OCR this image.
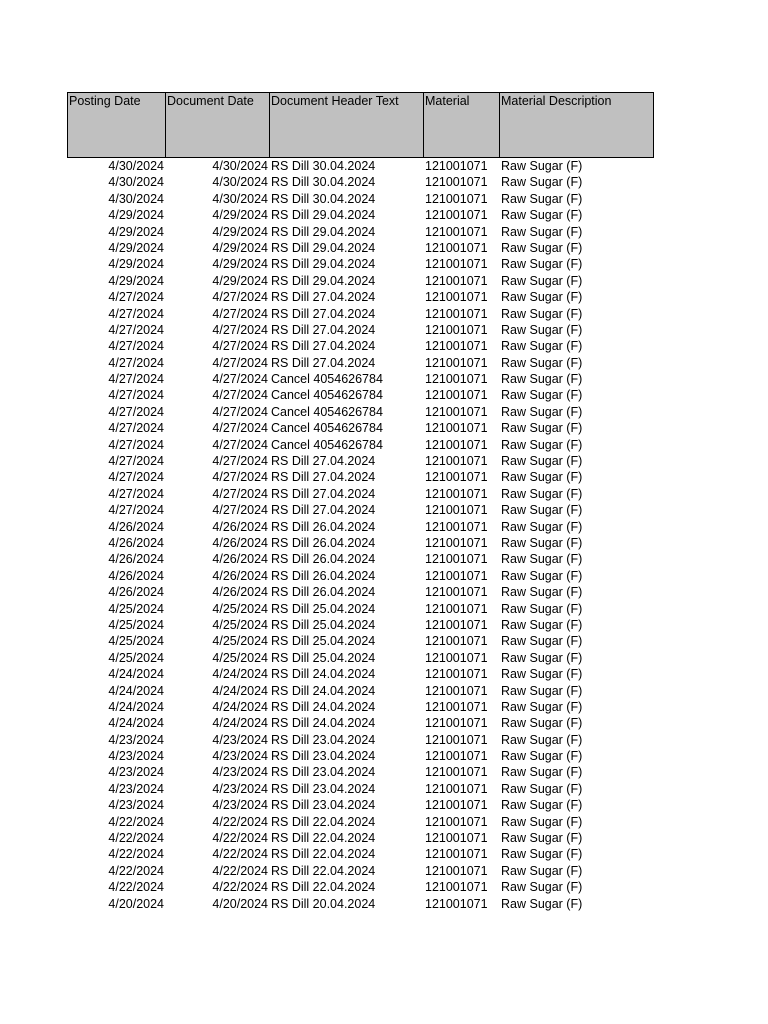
Posting Date	Document Date	Document Header Text	Material	Material Description
4/30/2024	4/30/2024 RS Dill 30.04.2024	121001071	Raw Sugar (F)
4/30/2024	4/30/2024 RS Dill 30.04.2024	121001071	Raw Sugar (F)
4/30/2024	4/30/2024 RS Dill 30.04.2024	121001071	Raw Sugar (F)
4/29/2024	4/29/2024 RS Dill 29.04.2024	121001071	Raw Sugar (F)
4/29/2024	4/29/2024 RS Dill 29.04.2024	121001071	Raw Sugar (F)
4/29/2024	4/29/2024 RS Dill 29.04.2024	121001071	Raw Sugar (F)
4/29/2024	4/29/2024 RS Dill 29.04.2024	121001071	Raw Sugar (F)
4/29/2024	4/29/2024 RS Dill 29.04.2024	121001071	Raw Sugar (F)
4/27/2024	4/27/2024 RS Dill 27.04.2024	121001071	Raw Sugar (F)
4/27/2024	4/27/2024 RS Dill 27.04.2024	121001071	Raw Sugar (F)
4/27/2024	4/27/2024 RS Dill 27.04.2024	121001071	Raw Sugar (F)
4/27/2024	4/27/2024 RS Dill 27.04.2024	121001071	Raw Sugar (F)
4/27/2024	4/27/2024 RS Dill 27.04.2024	121001071	Raw Sugar (F)
4/27/2024	4/27/2024 Cancel 4054626784	121001071	Raw Sugar (F)
4/27/2024	4/27/2024 Cancel 4054626784	121001071	Raw Sugar (F)
4/27/2024	4/27/2024 Cancel 4054626784	121001071	Raw Sugar (F)
4/27/2024	4/27/2024 Cancel 4054626784	121001071	Raw Sugar (F)
4/27/2024	4/27/2024 Cancel 4054626784	121001071	Raw Sugar (F)
4/27/2024	4/27/2024 RS Dill 27.04.2024	121001071	Raw Sugar (F)
4/27/2024	4/27/2024 RS Dill 27.04.2024	121001071	Raw Sugar (F)
4/27/2024	4/27/2024 RS Dill 27.04.2024	121001071	Raw Sugar (F)
4/27/2024	4/27/2024 RS Dill 27.04.2024	121001071	Raw Sugar (F)
4/26/2024	4/26/2024 RS Dill 26.04.2024	121001071	Raw Sugar (F)
4/26/2024	4/26/2024 RS Dill 26.04.2024	121001071	Raw Sugar (F)
4/26/2024	4/26/2024 RS Dill 26.04.2024	121001071	Raw Sugar (F)
4/26/2024	4/26/2024 RS Dill 26.04.2024	121001071	Raw Sugar (F)
4/26/2024	4/26/2024 RS Dill 26.04.2024	121001071	Raw Sugar (F)
4/25/2024	4/25/2024 RS Dill 25.04.2024	121001071	Raw Sugar (F)
4/25/2024	4/25/2024 RS Dill 25.04.2024	121001071	Raw Sugar (F)
4/25/2024	4/25/2024 RS Dill 25.04.2024	121001071	Raw Sugar (F)
4/25/2024	4/25/2024 RS Dill 25.04.2024	121001071	Raw Sugar (F)
4/24/2024	4/24/2024 RS Dill 24.04.2024	121001071	Raw Sugar (F)
4/24/2024	4/24/2024 RS Dill 24.04.2024	121001071	Raw Sugar (F)
4/24/2024	4/24/2024 RS Dill 24.04.2024	121001071	Raw Sugar (F)
4/24/2024	4/24/2024 RS Dill 24.04.2024	121001071	Raw Sugar (F)
4/23/2024	4/23/2024 RS Dill 23.04.2024	121001071	Raw Sugar (F)
4/23/2024	4/23/2024 RS Dill 23.04.2024	121001071	Raw Sugar (F)
4/23/2024	4/23/2024 RS Dill 23.04.2024	121001071	Raw Sugar (F)
4/23/2024	4/23/2024 RS Dill 23.04.2024	121001071	Raw Sugar (F)
4/23/2024	4/23/2024 RS Dill 23.04.2024	121001071	Raw Sugar (F)
4/22/2024	4/22/2024 RS Dill 22.04.2024	121001071	Raw Sugar (F)
4/22/2024	4/22/2024 RS Dill 22.04.2024	121001071	Raw Sugar (F)
4/22/2024	4/22/2024 RS Dill 22.04.2024	121001071	Raw Sugar (F)
4/22/2024	4/22/2024 RS Dill 22.04.2024	121001071	Raw Sugar (F)
4/22/2024	4/22/2024 RS Dill 22.04.2024	121001071	Raw Sugar (F)
4/20/2024	4/20/2024 RS Dill 20.04.2024	121001071	Raw Sugar (F)
